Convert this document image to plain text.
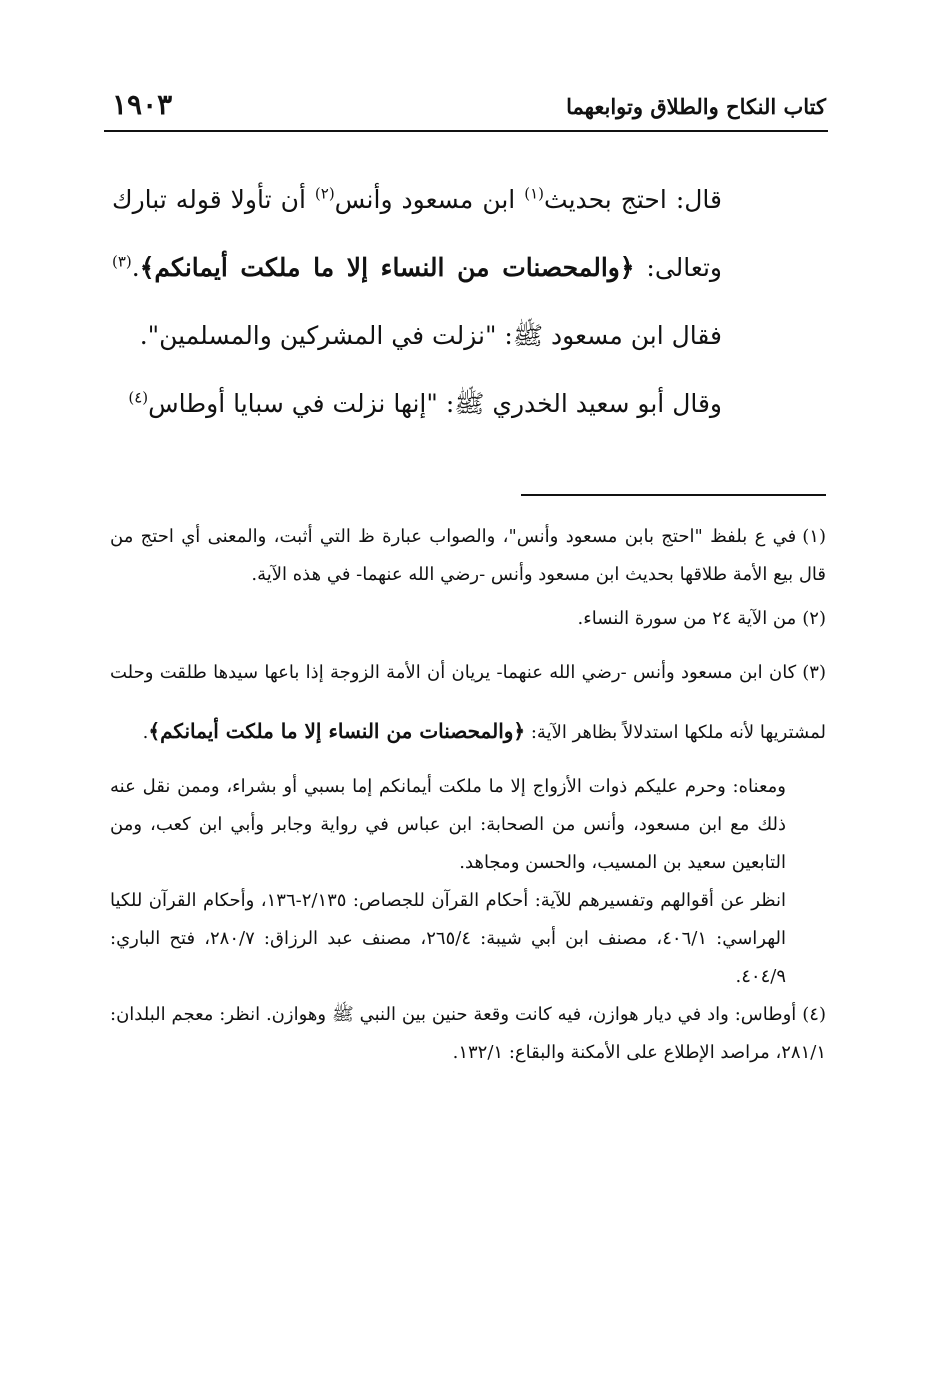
كتاب النكاح والطلاق وتوابعهما
١٩٠٣

قال: احتج بحديث$^{(١)}$ ابن مسعود وأنس$^{(٢)}$ أن تأولا قوله تبارك وتعالى: ﴿والمحصنات من النساء إلا ما ملكت أيمانكم﴾.$^{(٣)}$ فقال ابن مسعود ﷺ: "نزلت في المشركين والمسلمين".

وقال أبو سعيد الخدري ﷺ: "إنها نزلت في سبايا أوطاس$^{(٤)}$

(١)في ع بلفظ "احتج بابن مسعود وأنس"، والصواب عبارة ظ التي أثبت، والمعنى أي احتج من قال بيع الأمة طلاقها بحديث ابن مسعود وأنس -رضي الله عنهما- في هذه الآية.

(٢)من الآية ٢٤ من سورة النساء.

(٣)كان ابن مسعود وأنس -رضي الله عنهما- يريان أن الأمة الزوجة إذا باعها سيدها طلقت وحلت لمشتريها لأنه ملكها استدلالاً بظاهر الآية: ﴿والمحصنات من النساء إلا ما ملكت أيمانكم﴾.

ومعناه: وحرم عليكم ذوات الأزواج إلا ما ملكت أيمانكم إما بسبي أو بشراء، وممن نقل عنه ذلك مع ابن مسعود، وأنس من الصحابة: ابن عباس في رواية وجابر وأبي ابن كعب، ومن التابعين سعيد بن المسيب، والحسن ومجاهد.

انظر عن أقوالهم وتفسيرهم للآية: أحكام القرآن للجصاص: ٢/١٣٥-١٣٦، وأحكام القرآن للكيا الهراسي: ٤٠٦/١، مصنف ابن أبي شيبة: ٢٦٥/٤، مصنف عبد الرزاق: ٢٨٠/٧، فتح الباري: ٤٠٤/٩.

(٤)أوطاس: واد في ديار هوازن، فيه كانت وقعة حنين بين النبي ﷺ وهوازن. انظر: معجم البلدان: ٢٨١/١، مراصد الإطلاع على الأمكنة والبقاع: ١٣٢/١.
